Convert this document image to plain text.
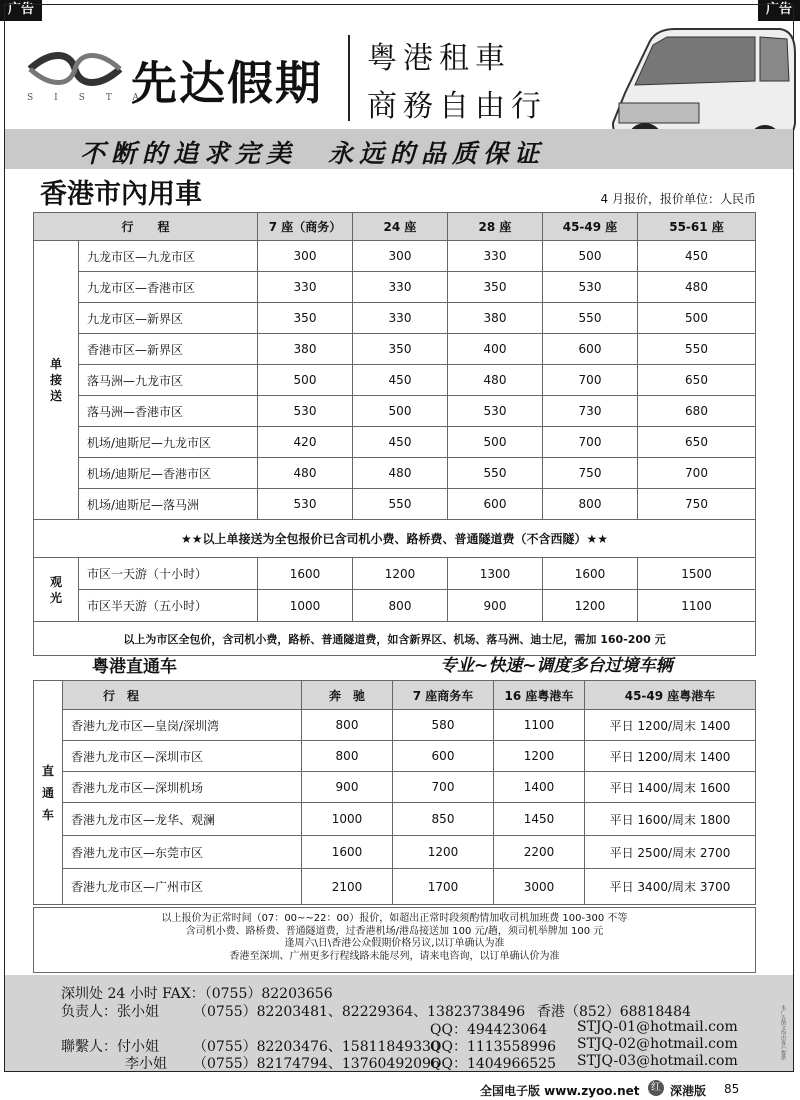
广告	广告
SISTA
先达假期 粤港租車
商務自由行
不断的追求完美　永远的品质保证
香港市內用車	4 月报价，报价单位：人民币
行　　程		7 座（商务）	24 座	28 座	45-49 座	55-61 座

单接送	九龙市区—九龙市区	300	300	330	500	450
	九龙市区—香港市区	330	330	350	530	480
	九龙市区—新界区	350	330	380	550	500
	香港市区—新界区	380	350	400	600	550
	落马洲—九龙市区	500	450	480	700	650
	落马洲—香港市区	530	500	530	730	680
	机场/迪斯尼—九龙市区	420	450	500	700	650
	机场/迪斯尼—香港市区	480	480	550	750	700
	机场/迪斯尼—落马洲	530	550	600	800	750
★★以上单接送为全包报价已含司机小费、路桥费、普通隧道费（不含西隧）★★						

观光	市区一天游（十小时）	1600	1200	1300	1600	1500
	市区半天游（五小时）	1000	800	900	1200	1100
以上为市区全包价，含司机小费，路桥、普通隧道费，如含新界区、机场、落马洲、迪士尼，需加 160-200 元						
粤港直通车	专业~快速~调度多台过境车辆
直通车	行　程	奔　驰	7 座商务车	16 座粤港车	45-49 座粤港车
	香港九龙市区—皇岗/深圳湾	800	580	1100	平日 1200/周末 1400
	香港九龙市区—深圳市区	800	600	1200	平日 1200/周末 1400
	香港九龙市区—深圳机场	900	700	1400	平日 1400/周末 1600
	香港九龙市区—龙华、观澜	1000	850	1450	平日 1600/周末 1800
	香港九龙市区—东莞市区	1600	1200	2200	平日 2500/周末 2700
	香港九龙市区—广州市区	2100	1700	3000	平日 3400/周末 3700
以上报价为正常时间（07：00~~22：00）报价，如超出正常时段须酌情加收司机加班费 100-300 不等
含司机小费、路桥费、普通隧道费，过香港机场/港岛接送加 100 元/趟，须司机举牌加 100 元
逢周六\日\香港公众假期价格另议,以订单确认为准
香港至深圳、广州更多行程线路未能尽列，请来电咨询，以订单确认价为准
深圳处 24 小时 FAX：（0755）82203656
负责人：张小姐 （0755）82203481、82229364、13823738496 香港（852）68818484
QQ：494423064 STJQ-01@hotmail.com
聯繫人：付小姐 （0755）82203476、15811849330
QQ：1113558996 STJQ-02@hotmail.com
李小姐 （0755）82174794、13760492096
QQ：1404966525 STJQ-03@hotmail.com
本广告图文均由客户提供
全国电子版 www.zyoo.net	红 深港版 85
